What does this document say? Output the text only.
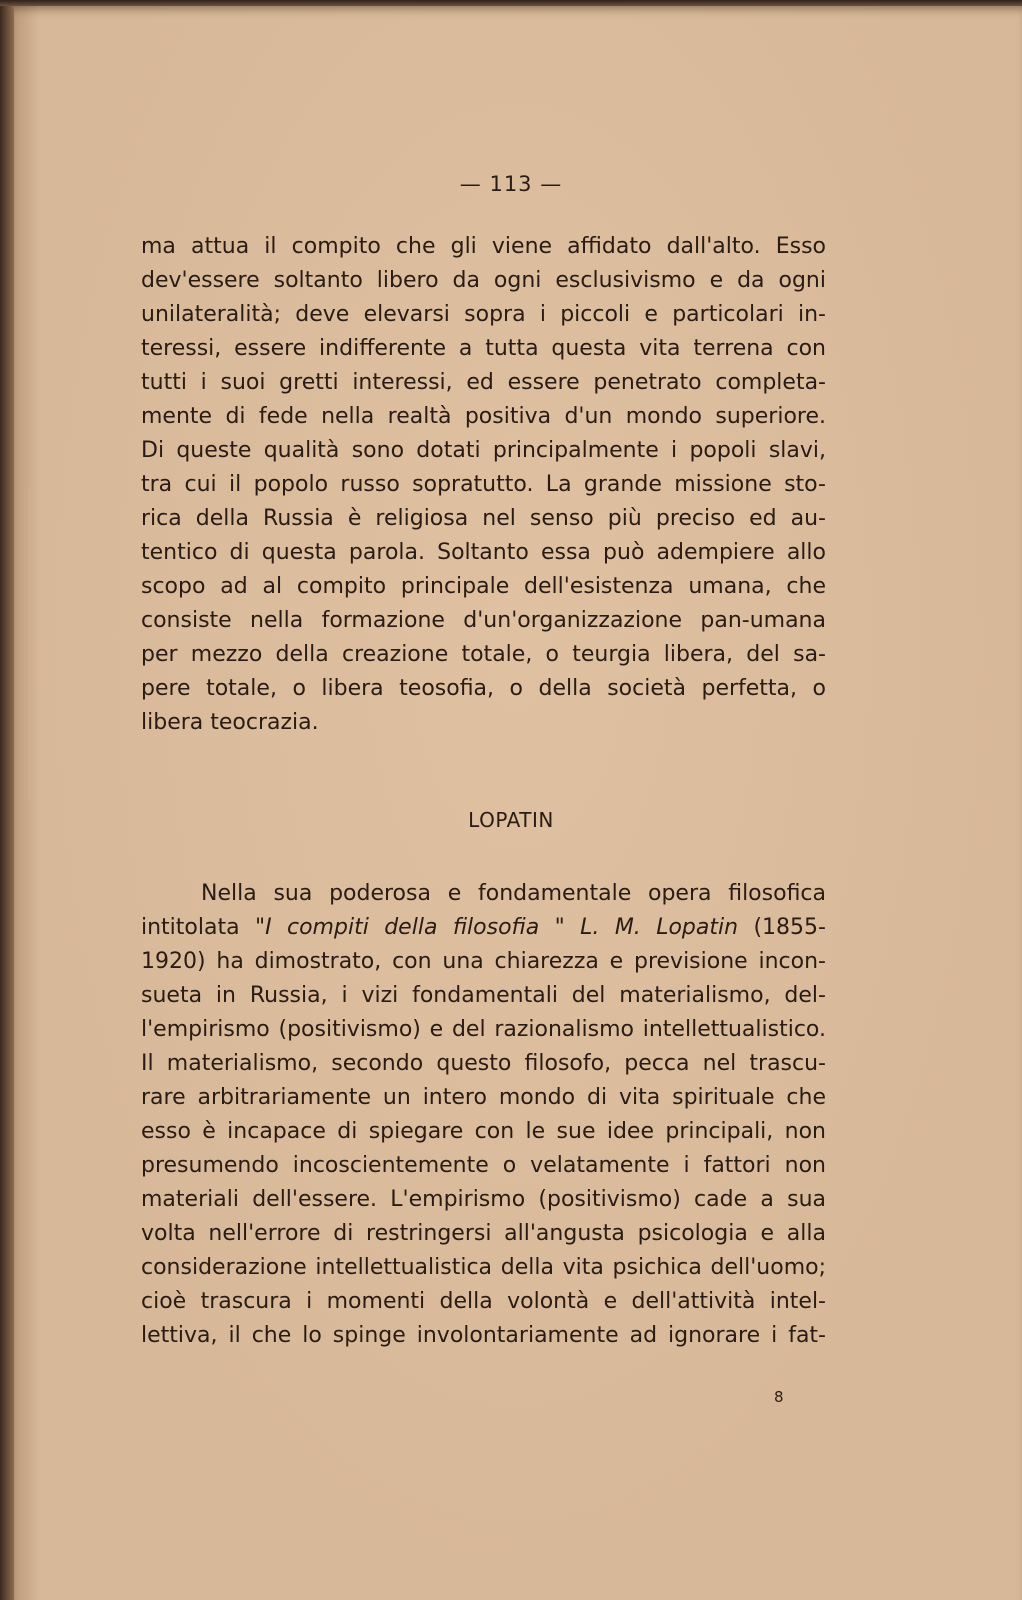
— 113 —
ma attua il compito che gli viene affidato dall'alto. Esso
dev'essere soltanto libero da ogni esclusivismo e da ogni
unilateralità; deve elevarsi sopra i piccoli e particolari in-
teressi, essere indifferente a tutta questa vita terrena con
tutti i suoi gretti interessi, ed essere penetrato completa-
mente di fede nella realtà positiva d'un mondo superiore.
Di queste qualità sono dotati principalmente i popoli slavi,
tra cui il popolo russo sopratutto. La grande missione sto-
rica della Russia è religiosa nel senso più preciso ed au-
tentico di questa parola. Soltanto essa può adempiere allo
scopo ad al compito principale dell'esistenza umana, che
consiste nella formazione d'un'organizzazione pan-umana
per mezzo della creazione totale, o teurgia libera, del sa-
pere totale, o libera teosofia, o della società perfetta, o
libera teocrazia.
LOPATIN
Nella sua poderosa e fondamentale opera filosofica
intitolata "I compiti della filosofia " L. M. Lopatin (1855-
1920) ha dimostrato, con una chiarezza e previsione incon-
sueta in Russia, i vizi fondamentali del materialismo, del-
l'empirismo (positivismo) e del razionalismo intellettualistico.
Il materialismo, secondo questo filosofo, pecca nel trascu-
rare arbitrariamente un intero mondo di vita spirituale che
esso è incapace di spiegare con le sue idee principali, non
presumendo incoscientemente o velatamente i fattori non
materiali dell'essere. L'empirismo (positivismo) cade a sua
volta nell'errore di restringersi all'angusta psicologia e alla
considerazione intellettualistica della vita psichica dell'uomo;
cioè trascura i momenti della volontà e dell'attività intel-
lettiva, il che lo spinge involontariamente ad ignorare i fat-
8
